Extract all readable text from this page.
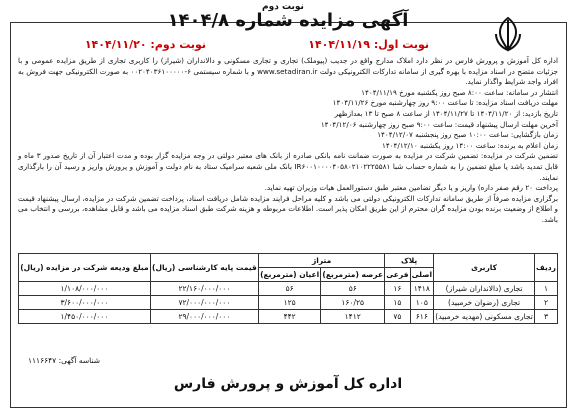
نوبت دوم
آگهی مزایده شماره ۱۴۰۴/۸
نوبت اول: ۱۴۰۴/۱۱/۱۹
نوبت دوم: ۱۴۰۴/۱۱/۲۰

اداره کل آموزش و پرورش فارس در نظر دارد املاک مدارج واقع در جدیب (پیوملک) تجاری و تجاری مسکونی و دالانداران (شیراز) را کاربری تجاری از طریق مزایده عمومی و با جزئیات متضح در اسناد مزایده با بهره گیری از سامانه تدارکات الکترونیکی دولت www.setadiran.ir و با شماره سیستمی ۶-۰۰۲۰۴۰۳۶۱۰۰۰۰۰ به صورت الکترونیکی جهت فروش به افراد واجد شرایط واگذار نماید.

انتشار در سامانه: ساعت ۸:۰۰ صبح روز یکشنبه مورخ ۱۴۰۴/۱۱/۱۹

مهلت دریافت اسناد مزایده: تا ساعت ۹:۰۰ روز چهارشنبه مورخ ۱۴۰۴/۱۱/۲۶

تاریخ بازدید: از ۱۴۰۴/۱۱/۲۰ تا ۱۴۰۴/۱۱/۲۷ از ساعت ۸ صبح تا ۱۳ بعدازظهر

آخرین مهلت ارسال پیشنهاد قیمت: ساعت ۹:۰۰ صبح روز چهارشنبه ۱۴۰۴/۱۲/۰۶

زمان بازگشایی: ساعت ۱۰:۰۰ صبح روز پنجشنبه ۱۴۰۴/۱۲/۰۷

زمان اعلام به برنده: ساعت ۱۴:۰۰ روز یکشنبه ۱۴۰۴/۱۲/۱۰

تضمین شرکت در مزایده: تضمین شرکت در مزایده به صورت ضمانت نامه بانکی صادره از بانک های معتبر دولتی در وجه مزایده گزار بوده و مدت اعتبار آن از تاریخ صدور ۳ ماه و قابل تمدید باشد یا مبلغ تضمین را به شماره حساب شبا IR۶۰۰۱۰۰۰۰۴۰۵۸۰۲۱۰۲۲۲۵۵۸۱ بانک ملی شعبه سرامیک ستاد به نام دولت و آموزش و پرورش واریز و رسید آن را بارگذاری نمایند.

پرداخت ۲۰ رقم صفر داره) واریز و یا دیگر تضامین معتبر طبق دستورالعمل هیات وزیران تهیه نماید.

برگزاری مزایده صرفاً از طریق سامانه تدارکات الکترونیکی دولتی می باشد و کلیه مراحل فرایند مزایده شامل دریافت اسناد، پرداخت تضمین شرکت در مزایده، ارسال پیشنهاد قیمت و اطلاع از وضعیت برنده بودن مزایده گران محترم از این طریق امکان پذیر است. اطلاعات مربوطه و هزینه شرکت طبق اسناد مزایده می باشد و قابل مشاهده، بررسی و انتخاب می باشد.

ردیف	کاربری	پلاک		متراژ		قیمت پایه کارشناسی (ریال)	مبلغ ودیعه شرکت در مزایده (ریال)
		اصلی	فرعی	عرصه (مترمربع)	اعیان (مترمربع)		
۱	تجاری (دالانداران شیراز)	۱۴۱۸	۱۶	۵۶	۵۶	۲۲/۱۶۰/۰۰۰/۰۰۰	۱/۱۰۸/۰۰۰/۰۰۰
۲	تجاری (رضوان خرمبید)	۱۰۵	۱۵	۱۶۰/۲۵	۱۲۵	۷۲/۰۰۰/۰۰۰/۰۰۰	۳/۶۰۰/۰۰۰/۰۰۰
۳	تجاری مسکونی (مهدیه خرمبید)	۶۱۶	۷۵	۱۴۱۲	۴۴۲	۲۹/۰۰۰/۰۰۰/۰۰۰	۱/۴۵۰/۰۰۰/۰۰۰
شناسه آگهی: ۱۱۱۶۶۴۷
اداره کل آموزش و پرورش فارس
